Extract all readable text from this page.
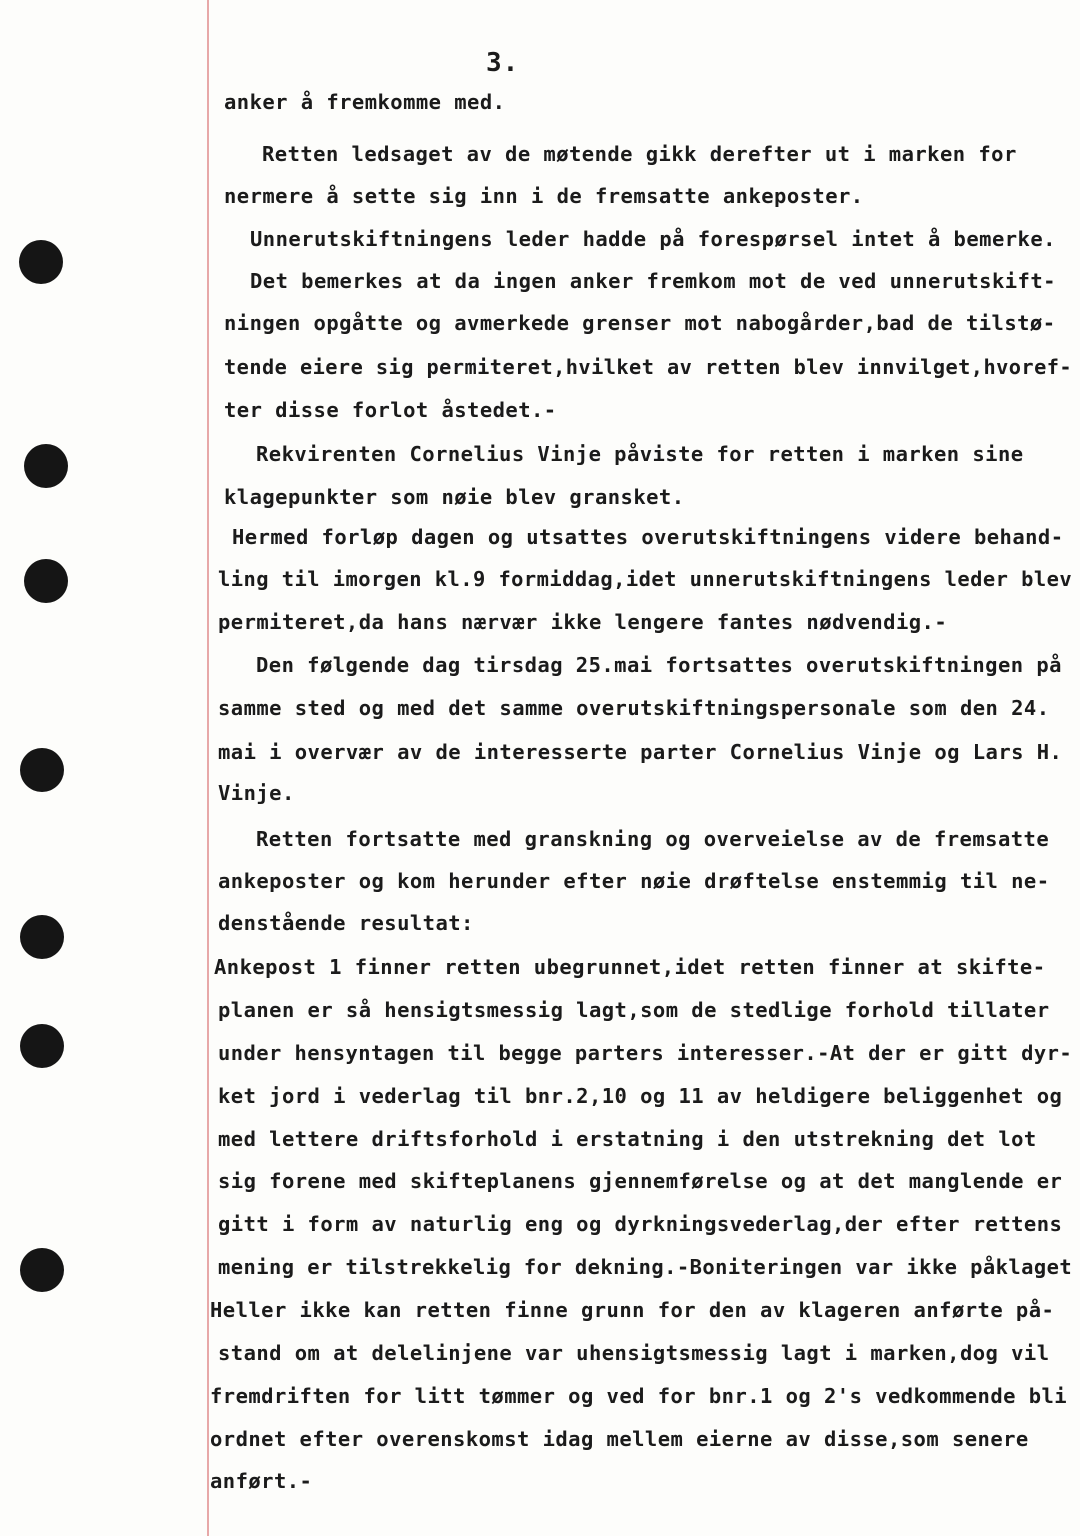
3.
anker å fremkomme med.
Retten ledsaget av de møtende gikk derefter ut i marken for
nermere å sette sig inn i de fremsatte ankeposter.
Unnerutskiftningens leder hadde på forespørsel intet å bemerke.
Det bemerkes at da ingen anker fremkom mot de ved unnerutskift-
ningen opgåtte og avmerkede grenser mot nabogårder,bad de tilstø-
tende eiere sig permiteret,hvilket av retten blev innvilget,hvoref-
ter disse forlot åstedet.-
Rekvirenten Cornelius Vinje påviste for retten i marken sine
klagepunkter som nøie blev gransket.
Hermed forløp dagen og utsattes overutskiftningens videre behand-
ling til imorgen kl.9 formiddag,idet unnerutskiftningens leder blev
permiteret,da hans nærvær ikke lengere fantes nødvendig.-
Den følgende dag tirsdag 25.mai fortsattes overutskiftningen på
samme sted og med det samme overutskiftningspersonale som den 24.
mai i overvær av de interesserte parter Cornelius Vinje og Lars H.
Vinje.
Retten fortsatte med granskning og overveielse av de fremsatte
ankeposter og kom herunder efter nøie drøftelse enstemmig til ne-
denstående resultat:
Ankepost 1 finner retten ubegrunnet,idet retten finner at skifte-
planen er så hensigtsmessig lagt,som de stedlige forhold tillater
under hensyntagen til begge parters interesser.-At der er gitt dyr-
ket jord i vederlag til bnr.2,10 og 11 av heldigere beliggenhet og
med lettere driftsforhold i erstatning i den utstrekning det lot
sig forene med skifteplanens gjennemførelse og at det manglende er
gitt i form av naturlig eng og dyrkningsvederlag,der efter rettens
mening er tilstrekkelig for dekning.-Boniteringen var ikke påklaget
Heller ikke kan retten finne grunn for den av klageren anførte på-
stand om at delelinjene var uhensigtsmessig lagt i marken,dog vil
fremdriften for litt tømmer og ved for bnr.1 og 2's vedkommende bli
ordnet efter overenskomst idag mellem eierne av disse,som senere
anført.-
